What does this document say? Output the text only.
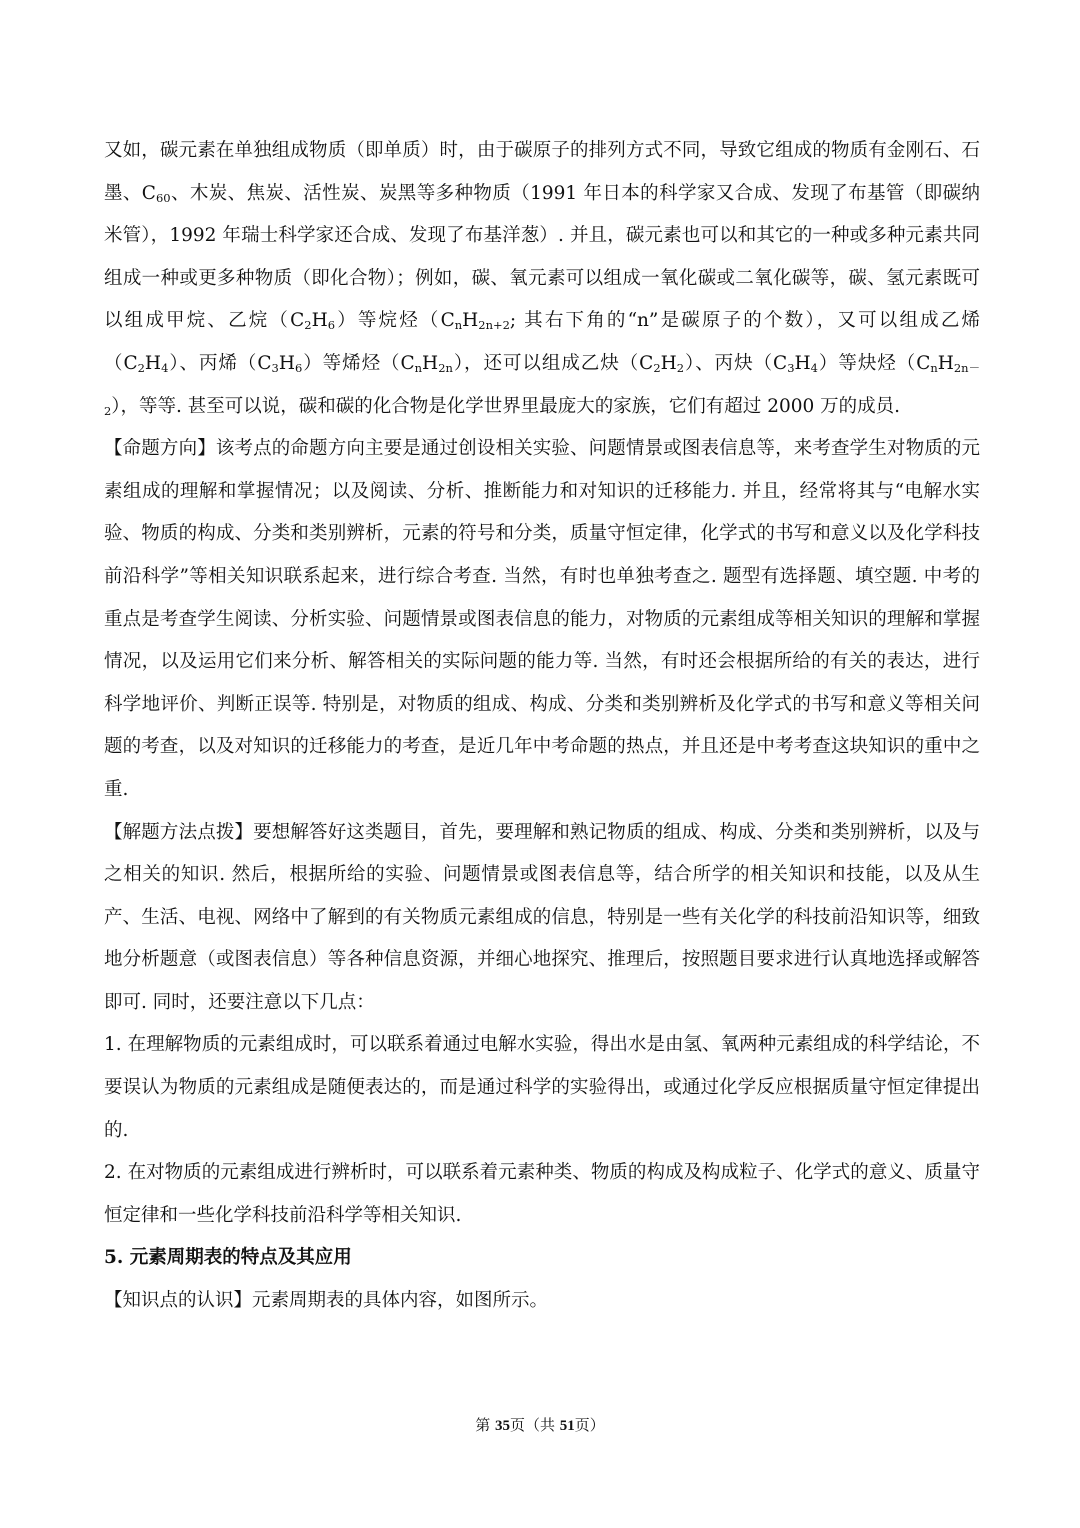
又如，碳元素在单独组成物质（即单质）时，由于碳原子的排列方式不同，导致它组成的物质有金刚石、石墨、$C_{60}$、木炭、焦炭、活性炭、炭黑等多种物质（1991 年日本的科学家又合成、发现了布基管（即碳纳米管），1992 年瑞士科学家还合成、发现了布基洋葱）. 并且，碳元素也可以和其它的一种或多种元素共同组成一种或更多种物质（即化合物）；例如，碳、氧元素可以组成一氧化碳或二氧化碳等，碳、氢元素既可以组成甲烷、乙烷$(C_2H_6)$等烷烃（$C_nH_{2n+2}$; 其右下角的“n”是碳原子的个数），又可以组成乙烯$(C_2H_4)$、丙烯$(C_3H_6)$等烯烃$(C_nH_{2n})$，还可以组成乙炔$(C_2H_2)$、丙炔$(C_3H_4)$等炔烃$(C_nH_{2n-2})$，等等. 甚至可以说，碳和碳的化合物是化学世界里最庞大的家族，它们有超过 2000 万的成员.

【命题方向】该考点的命题方向主要是通过创设相关实验、问题情景或图表信息等，来考查学生对物质的元素组成的理解和掌握情况；以及阅读、分析、推断能力和对知识的迁移能力. 并且，经常将其与“电解水实验、物质的构成、分类和类别辨析，元素的符号和分类，质量守恒定律，化学式的书写和意义以及化学科技前沿科学”等相关知识联系起来，进行综合考查. 当然，有时也单独考查之. 题型有选择题、填空题. 中考的重点是考查学生阅读、分析实验、问题情景或图表信息的能力，对物质的元素组成等相关知识的理解和掌握情况，以及运用它们来分析、解答相关的实际问题的能力等. 当然，有时还会根据所给的有关的表达，进行科学地评价、判断正误等. 特别是，对物质的组成、构成、分类和类别辨析及化学式的书写和意义等相关问题的考查，以及对知识的迁移能力的考查，是近几年中考命题的热点，并且还是中考考查这块知识的重中之重.

【解题方法点拨】要想解答好这类题目，首先，要理解和熟记物质的组成、构成、分类和类别辨析，以及与之相关的知识. 然后，根据所给的实验、问题情景或图表信息等，结合所学的相关知识和技能，以及从生产、生活、电视、网络中了解到的有关物质元素组成的信息，特别是一些有关化学的科技前沿知识等，细致地分析题意（或图表信息）等各种信息资源，并细心地探究、推理后，按照题目要求进行认真地选择或解答即可. 同时，还要注意以下几点：

1. 在理解物质的元素组成时，可以联系着通过电解水实验，得出水是由氢、氧两种元素组成的科学结论，不要误认为物质的元素组成是随便表达的，而是通过科学的实验得出，或通过化学反应根据质量守恒定律提出的.

2. 在对物质的元素组成进行辨析时，可以联系着元素种类、物质的构成及构成粒子、化学式的意义、质量守恒定律和一些化学科技前沿科学等相关知识.

5. 元素周期表的特点及其应用

【知识点的认识】元素周期表的具体内容，如图所示。

第 35页（共 51页）
